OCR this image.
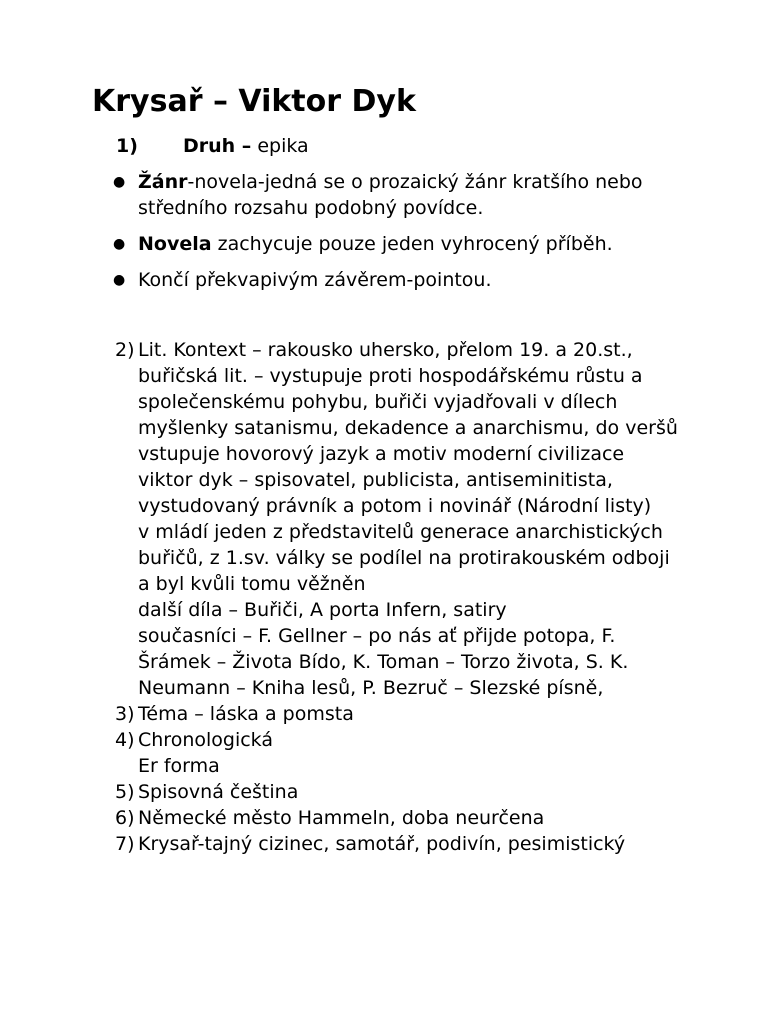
Krysař – Viktor Dyk
1) Druh – epika
● Žánr-novela-jedná se o prozaický žánr kratšího nebo středního rozsahu podobný povídce.
● Novela zachycuje pouze jeden vyhrocený příběh.
● Končí překvapivým závěrem-pointou.
2) Lit. Kontext – rakousko uhersko, přelom 19. a 20.st., buřičská lit. – vystupuje proti hospodářskému růstu a společenskému pohybu, buřiči vyjadřovali v dílech myšlenky satanismu, dekadence a anarchismu, do veršů vstupuje hovorový jazyk a motiv moderní civilizace
viktor dyk – spisovatel, publicista, antiseminitista, vystudovaný právník a potom i novinář (Národní listy)
v mládí jeden z představitelů generace anarchistických buřičů, z 1.sv. války se podílel na protirakouském odboji a byl kvůli tomu věžněn
další díla – Buřiči, A porta Infern, satiry
současníci – F. Gellner – po nás ať přijde potopa, F. Šrámek – Života Bído, K. Toman – Torzo života, S. K. Neumann – Kniha lesů, P. Bezruč – Slezské písně,
3) Téma – láska a pomsta
4) Chronologická
Er forma
5) Spisovná čeština
6) Německé město Hammeln, doba neurčena
7) Krysař-tajný cizinec, samotář, podivín, pesimistický
